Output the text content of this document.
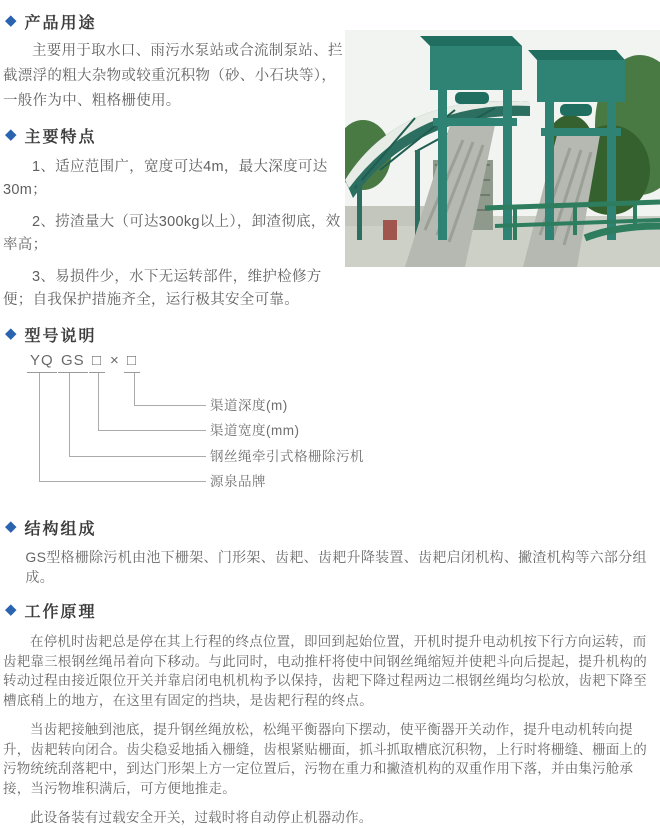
◆ 产品用途

主要用于取水口、雨污水泵站或合流制泵站、拦截漂浮的粗大杂物或较重沉积物（砂、小石块等），一般作为中、粗格栅使用。

◆ 主要特点

1、适应范围广，宽度可达4m，最大深度可达30m；

2、捞渣量大（可达300kg以上），卸渣彻底，效率高；

3、易损件少，水下无运转部件，维护检修方便；自我保护措施齐全，运行极其安全可靠。

◆ 型号说明
YQ GS □ × □
渠道深度(m)
渠道宽度(mm)
钢丝绳牵引式格栅除污机
源泉品牌
◆ 结构组成

GS型格栅除污机由池下栅架、门形架、齿耙、齿耙升降装置、齿耙启闭机构、撇渣机构等六部分组成。

◆ 工作原理

在停机时齿耙总是停在其上行程的终点位置，即回到起始位置，开机时提升电动机按下行方向运转，而齿耙靠三根钢丝绳吊着向下移动。与此同时，电动推杆将使中间钢丝绳缩短并使耙斗向后提起，提升机构的转动过程由接近限位开关并靠启闭电机机构予以保持，齿耙下降过程两边二根钢丝绳均匀松放，齿耙下降至槽底稍上的地方，在这里有固定的挡块，是齿耙行程的终点。

当齿耙接触到池底，提升钢丝绳放松，松绳平衡器向下摆动，使平衡器开关动作，提升电动机转向提升，齿耙转向闭合。齿尖稳妥地插入栅缝，齿根紧贴栅面，抓斗抓取槽底沉积物，上行时将栅缝、栅面上的污物统统刮落耙中，到达门形架上方一定位置后，污物在重力和撇渣机构的双重作用下落，并由集污舱承接，当污物堆积满后，可方便地推走。

此设备装有过载安全开关，过载时将自动停止机器动作。
